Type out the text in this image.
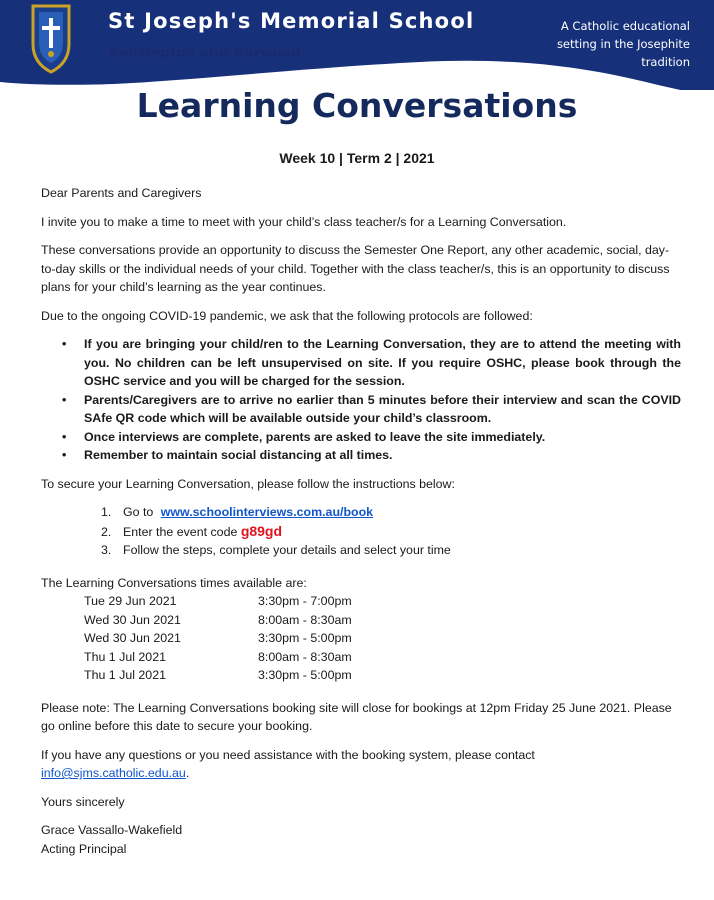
St Joseph's Memorial School
Kensington and Norwood
A Catholic educational
setting in the Josephite
tradition
Learning Conversations
Week 10 | Term 2 | 2021

Dear Parents and Caregivers

I invite you to make a time to meet with your child’s class teacher/s for a Learning Conversation.

These conversations provide an opportunity to discuss the Semester One Report, any other academic, social, day-to-day skills or the individual needs of your child. Together with the class teacher/s, this is an opportunity to discuss plans for your child’s learning as the year continues.

Due to the ongoing COVID-19 pandemic, we ask that the following protocols are followed:

• If you are bringing your child/ren to the Learning Conversation, they are to attend the meeting with you. No children can be left unsupervised on site. If you require OSHC, please book through the OSHC service and you will be charged for the session.
• Parents/Caregivers are to arrive no earlier than 5 minutes before their interview and scan the COVID SAfe QR code which will be available outside your child’s classroom.
• Once interviews are complete, parents are asked to leave the site immediately.
• Remember to maintain social distancing at all times.

To secure your Learning Conversation, please follow the instructions below:

1. Go to www.schoolinterviews.com.au/book
2. Enter the event code g89gd
3. Follow the steps, complete your details and select your time

The Learning Conversations times available are:

Tue 29 Jun 2021	3:30pm - 7:00pm
Wed 30 Jun 2021	8:00am - 8:30am
Wed 30 Jun 2021	3:30pm - 5:00pm
Thu 1 Jul 2021	8:00am - 8:30am
Thu 1 Jul 2021	3:30pm - 5:00pm

Please note: The Learning Conversations booking site will close for bookings at 12pm Friday 25 June 2021. Please go online before this date to secure your booking.

If you have any questions or you need assistance with the booking system, please contact
info@sjms.catholic.edu.au.

Yours sincerely

Grace Vassallo-Wakefield
Acting Principal
